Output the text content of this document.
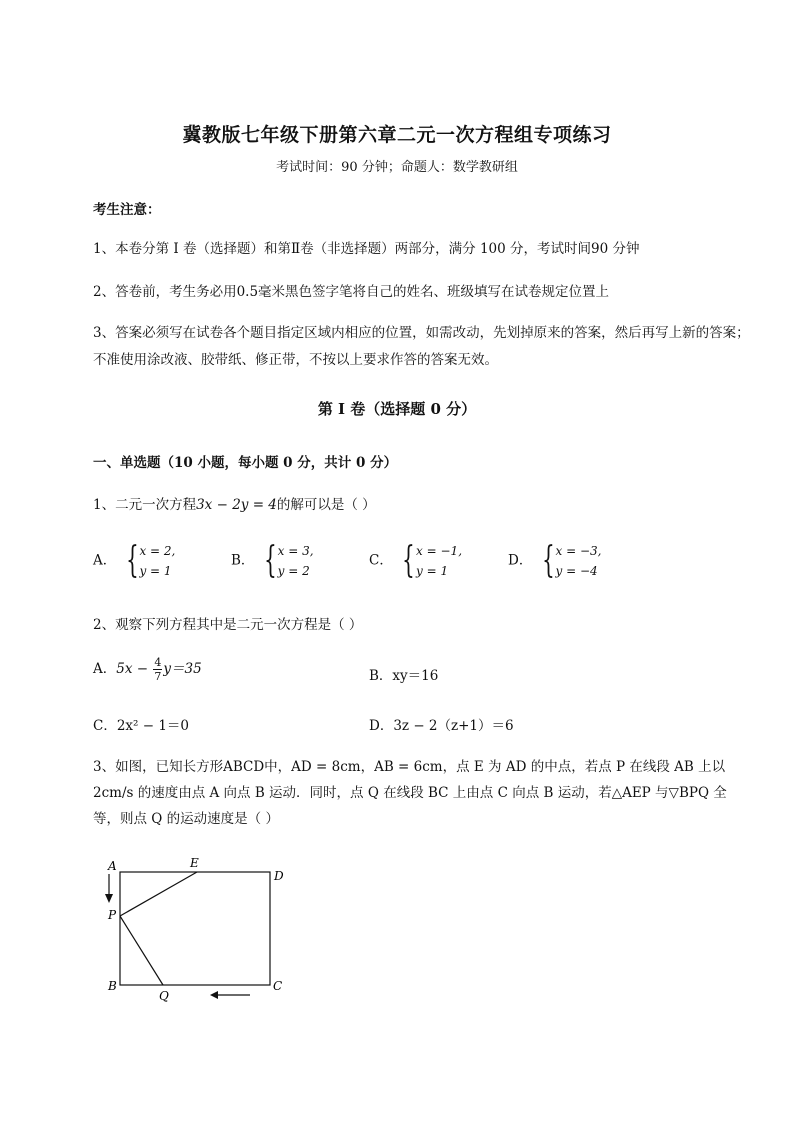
冀教版七年级下册第六章二元一次方程组专项练习
考试时间：90 分钟；命题人：数学教研组
考生注意：
1、本卷分第 I 卷（选择题）和第Ⅱ卷（非选择题）两部分，满分 100 分，考试时间90 分钟
2、答卷前，考生务必用0.5毫米黑色签字笔将自己的姓名、班级填写在试卷规定位置上
3、答案必须写在试卷各个题目指定区域内相应的位置，如需改动，先划掉原来的答案，然后再写上新的答案；不准使用涂改液、胶带纸、修正带，不按以上要求作答的答案无效。
第 I 卷（选择题 0 分）
一、单选题（10 小题，每小题 0 分，共计 0 分）
1、二元一次方程3x − 2y = 4的解可以是（ ）
A． { x = 2,
y = 1
B． { x = 3,
y = 2
C． { x = −1,
y = 1
D． { x = −3,
y = −4
2、观察下列方程其中是二元一次方程是（ ）
A．$5x - \frac{4}{7} y=35$	B．xy＝16
C．2x² − 1＝0	D．3z − 2（z+1）＝6
3、如图，已知长方形ABCD中，AD = 8cm，AB = 6cm，点 E 为 AD 的中点，若点 P 在线段 AB 上以
2cm/s 的速度由点 A 向点 B 运动．同时，点 Q 在线段 BC 上由点 C 向点 B 运动，若△AEP 与▽BPQ 全
等，则点 Q 的运动速度是（ ）
A	E
D
P
B
Q
C
